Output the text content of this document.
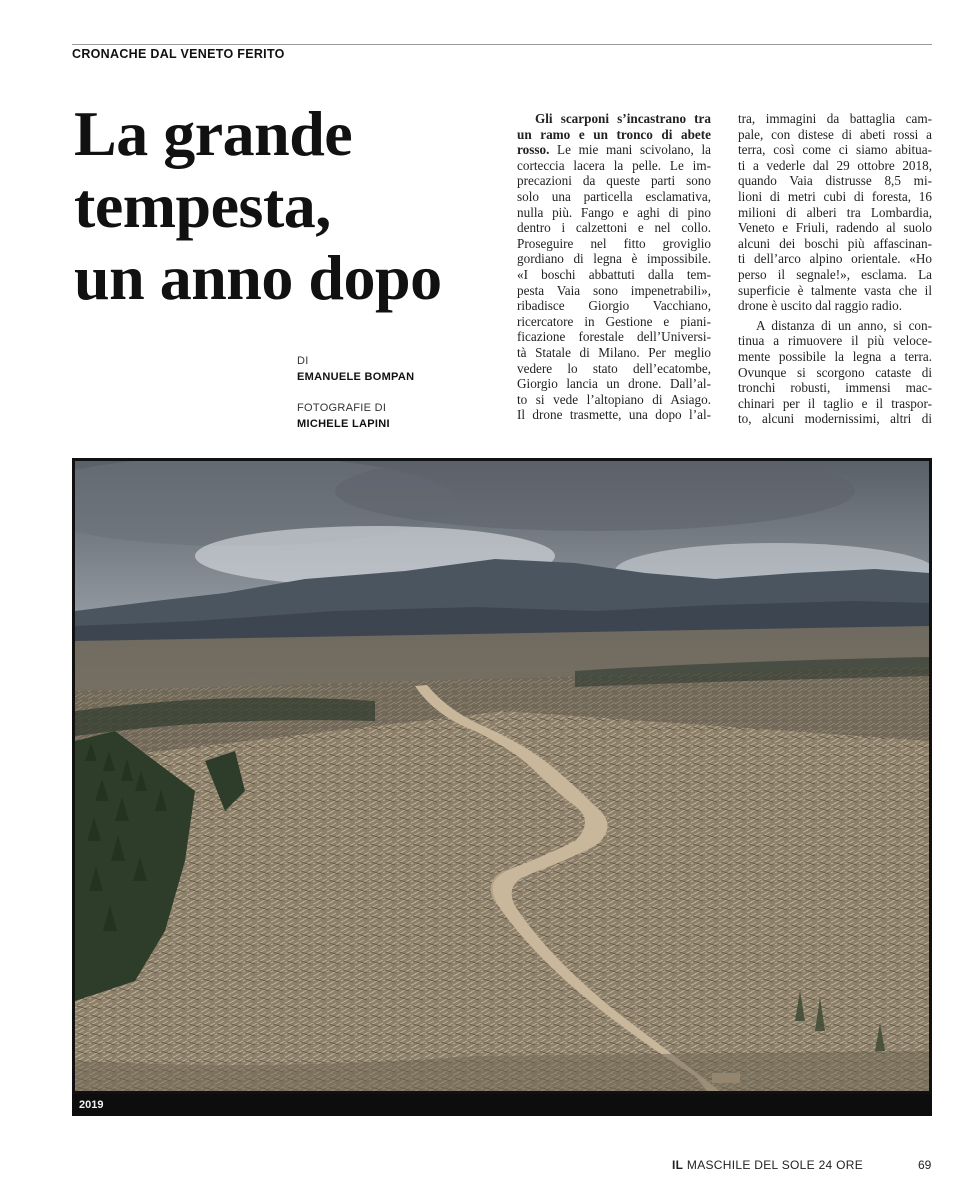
CRONACHE DAL VENETO FERITO
La grande
tempesta,
un anno dopo
DI
EMANUELE BOMPAN
FOTOGRAFIE DI
MICHELE LAPINI
Gli scarponi s’incastrano tra
un ramo e un tronco di abete
rosso. Le mie mani scivolano, la
corteccia lacera la pelle. Le im-
precazioni da queste parti sono
solo una particella esclamativa,
nulla più. Fango e aghi di pino
dentro i calzettoni e nel collo.
Proseguire nel fitto groviglio
gordiano di legna è impossibile.
«I boschi abbattuti dalla tem-
pesta Vaia sono impenetrabili»,
ribadisce Giorgio Vacchiano,
ricercatore in Gestione e piani-
ficazione forestale dell’Universi-
tà Statale di Milano. Per meglio
vedere lo stato dell’ecatombe,
Giorgio lancia un drone. Dall’al-
to si vede l’altopiano di Asiago.
Il drone trasmette, una dopo l’al-
tra, immagini da battaglia cam-
pale, con distese di abeti rossi a
terra, così come ci siamo abitua-
ti a vederle dal 29 ottobre 2018,
quando Vaia distrusse 8,5 mi-
lioni di metri cubi di foresta, 16
milioni di alberi tra Lombardia,
Veneto e Friuli, radendo al suolo
alcuni dei boschi più affascinan-
ti dell’arco alpino orientale. «Ho
perso il segnale!», esclama. La
superficie è talmente vasta che il
drone è uscito dal raggio radio.
A distanza di un anno, si con-
tinua a rimuovere il più veloce-
mente possibile la legna a terra.
Ovunque si scorgono cataste di
tronchi robusti, immensi mac-
chinari per il taglio e il traspor-
to, alcuni modernissimi, altri di
2019
IL MASCHILE DEL SOLE 24 ORE	69
